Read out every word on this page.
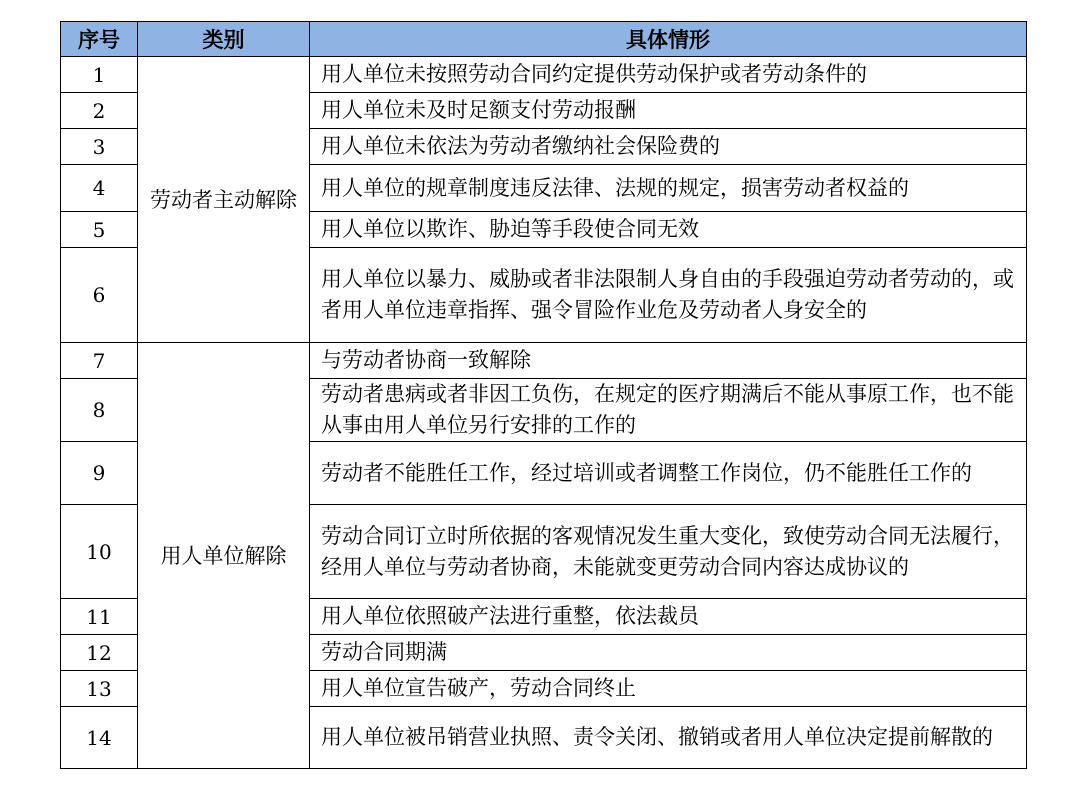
序号	类别	具体情形
1	劳动者主动解除	用人单位未按照劳动合同约定提供劳动保护或者劳动条件的
2		用人单位未及时足额支付劳动报酬
3		用人单位未依法为劳动者缴纳社会保险费的
4		用人单位的规章制度违反法律、法规的规定，损害劳动者权益的
5		用人单位以欺诈、胁迫等手段使合同无效
6		用人单位以暴力、威胁或者非法限制人身自由的手段强迫劳动者劳动的，或者用人单位违章指挥、强令冒险作业危及劳动者人身安全的
7	用人单位解除	与劳动者协商一致解除
8		劳动者患病或者非因工负伤，在规定的医疗期满后不能从事原工作，也不能从事由用人单位另行安排的工作的
9		劳动者不能胜任工作，经过培训或者调整工作岗位，仍不能胜任工作的
10		劳动合同订立时所依据的客观情况发生重大变化，致使劳动合同无法履行，经用人单位与劳动者协商，未能就变更劳动合同内容达成协议的
11		用人单位依照破产法进行重整，依法裁员
12		劳动合同期满
13		用人单位宣告破产，劳动合同终止
14		用人单位被吊销营业执照、责令关闭、撤销或者用人单位决定提前解散的
